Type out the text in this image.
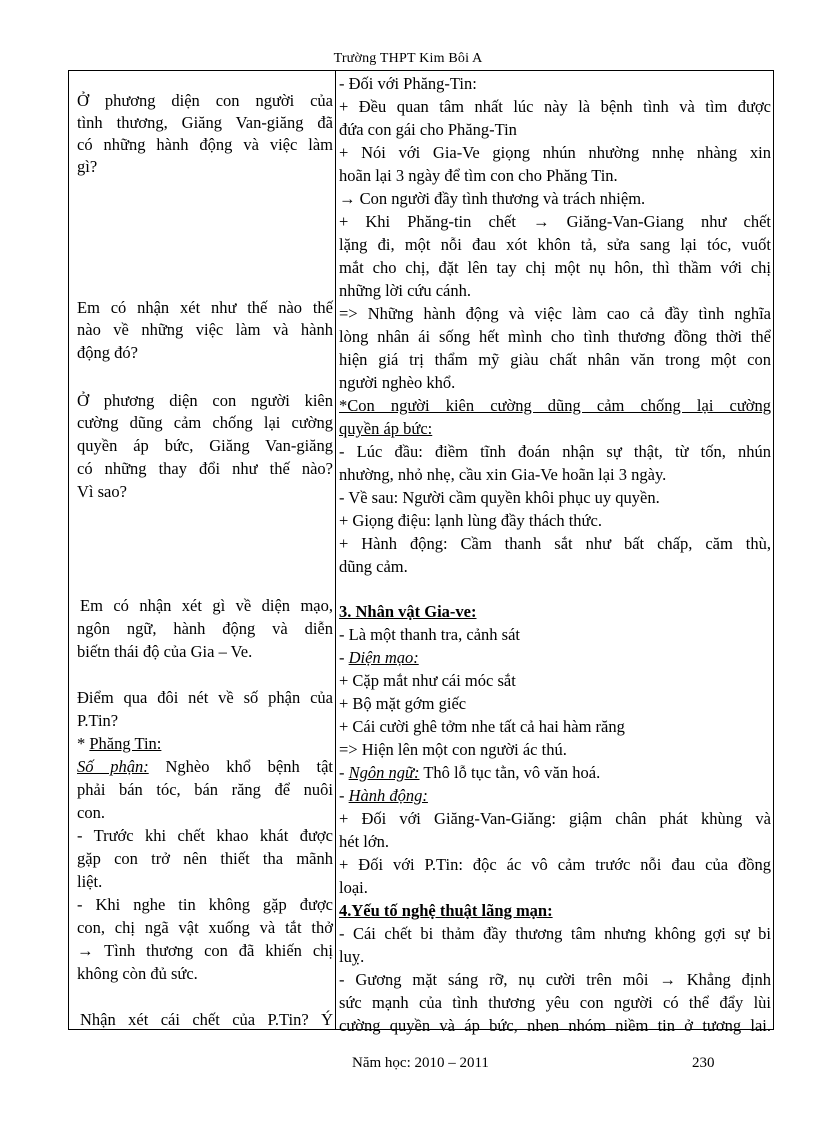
Trường THPT Kim Bôi A
Ở phương diện con người của
tình thương, Giăng Van-giăng đã
có những hành động và việc làm
gì?
Em có nhận xét như thế nào thế
nào về những việc làm và hành
động đó?
Ở phương diện con người kiên
cường dũng cảm chống lại cường
quyền áp bức, Giăng Van-giăng
có những thay đổi như thế nào?
Vì sao?
Em có nhận xét gì về diện mạo,
ngôn ngữ, hành động và diễn
biếtn thái độ của Gia – Ve.
Điểm qua đôi nét về số phận của
P.Tin?
* Phăng Tin:
Số phận: Nghèo khổ bệnh tật
phải bán tóc, bán răng để nuôi
con.
- Trước khi chết khao khát được
gặp con trở nên thiết tha mãnh
liệt.
- Khi nghe tin không gặp được
con, chị ngã vật xuống và tắt thở
→ Tình thương con đã khiến chị
không còn đủ sức.
Nhận xét cái chết của P.Tin? Ý
- Đối với Phăng-Tin:
+ Đều quan tâm nhất lúc này là bệnh tình và tìm được
đứa con gái cho Phăng-Tin
+ Nói với Gia-Ve giọng nhún nhường nnhẹ nhàng xin
hoãn lại 3 ngày để tìm con cho Phăng Tin.
→ Con người đầy tình thương và trách nhiệm.
+ Khi Phăng-tin chết → Giăng-Van-Giang như chết
lặng đi, một nỗi đau xót khôn tả, sửa sang lại tóc, vuốt
mắt cho chị, đặt lên tay chị một nụ hôn, thì thầm với chị
những lời cứu cánh.
=> Những hành động và việc làm cao cả đầy tình nghĩa
lòng nhân ái sống hết mình cho tình thương đồng thời thể
hiện giá trị thẩm mỹ giàu chất nhân văn trong một con
người nghèo khổ.
*Con người kiên cường dũng cảm chống lại cường
quyền áp bức:
- Lúc đầu: điềm tĩnh đoán nhận sự thật, từ tốn, nhún
nhường, nhỏ nhẹ, cầu xin Gia-Ve hoãn lại 3 ngày.
- Về sau: Người cầm quyền khôi phục uy quyền.
+ Giọng điệu: lạnh lùng đầy thách thức.
+ Hành động: Cầm thanh sắt như bất chấp, căm thù,
dũng cảm.
3. Nhân vật Gia-ve:
- Là một thanh tra, cảnh sát
- Diện mạo:
+ Cặp mắt như cái móc sắt
+ Bộ mặt gớm giếc
+ Cái cười ghê tởm nhe tất cả hai hàm răng
=> Hiện lên một con người ác thú.
- Ngôn ngữ: Thô lỗ tục tằn, vô văn hoá.
- Hành động:
+ Đối với Giăng-Van-Giăng: giậm chân phát khùng và
hét lớn.
+ Đối với P.Tin: độc ác vô cảm trước nỗi đau của đồng
loại.
4.Yếu tố nghệ thuật lãng mạn:
- Cái chết bi thảm đầy thương tâm nhưng không gợi sự bi
luỵ.
- Gương mặt sáng rỡ, nụ cười trên môi → Khẳng định
sức mạnh của tình thương yêu con người có thể đẩy lùi
cường quyền và áp bức, nhen nhóm niềm tin ở tương lai.
Năm học: 2010 – 2011	230
